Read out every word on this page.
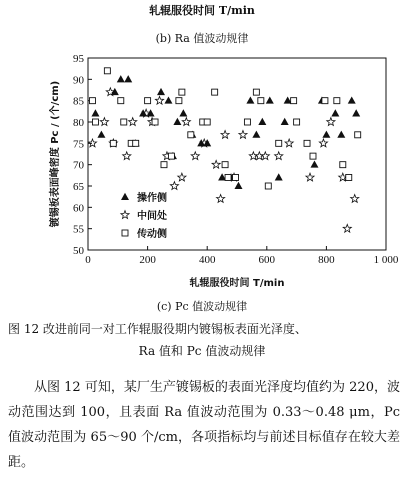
轧辊服役时间 T/min
(b) Ra 值波动规律
0	200	400	600	800	1 000
50
55
60
65
70
75
80
85
90
95
操作侧
中间处
传动侧
镀锡板表面峰密度 Pc / (个/cm)
轧辊服役时间 T/min
(c) Pc 值波动规律
图 12 改进前同一对工作辊服役期内镀锡板表面光泽度、
Ra 值和 Pc 值波动规律
从图 12 可知，某厂生产镀锡板的表面光泽度均值约为 220，波动范围达到 100，且表面 Ra 值波动范围为 0.33～0.48 μm，Pc 值波动范围为 65～90 个/cm，各项指标均与前述目标值存在较大差距。
